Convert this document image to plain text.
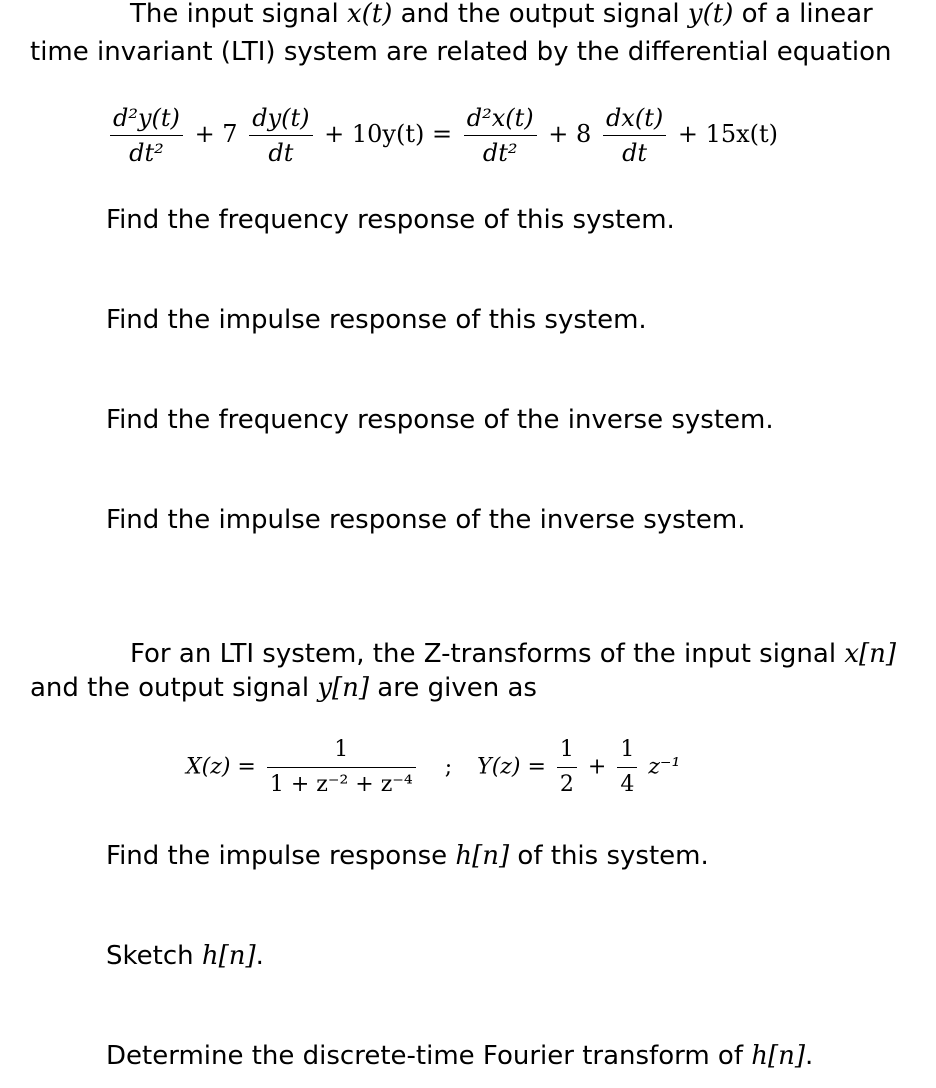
The input signal x(t) and the output signal y(t) of a linear
time invariant (LTI) system are related by the differential equation
$\frac{\text{d²y(t)}}{\text{dt²}} + 7 \frac{dy(t)}{dt} + 10y(t) = \frac{\text{d²x(t)}}{\text{dt²}} + 8 \frac{dx(t)}{dt} + 15x(t)$
Find the frequency response of this system.
Find the impulse response of this system.
Find the frequency response of the inverse system.
Find the impulse response of the inverse system.
For an LTI system, the Z-transforms of the input signal x[n]
and the output signal y[n] are given as
$X(z) = \frac{1}{\text{1 + z⁻² + z⁻⁴}}$ ; $Y(z) = \frac{1}{2} + \frac{1}{4} z^{-1}$
Find the impulse response h[n] of this system.
Sketch h[n].
Determine the discrete-time Fourier transform of h[n].
